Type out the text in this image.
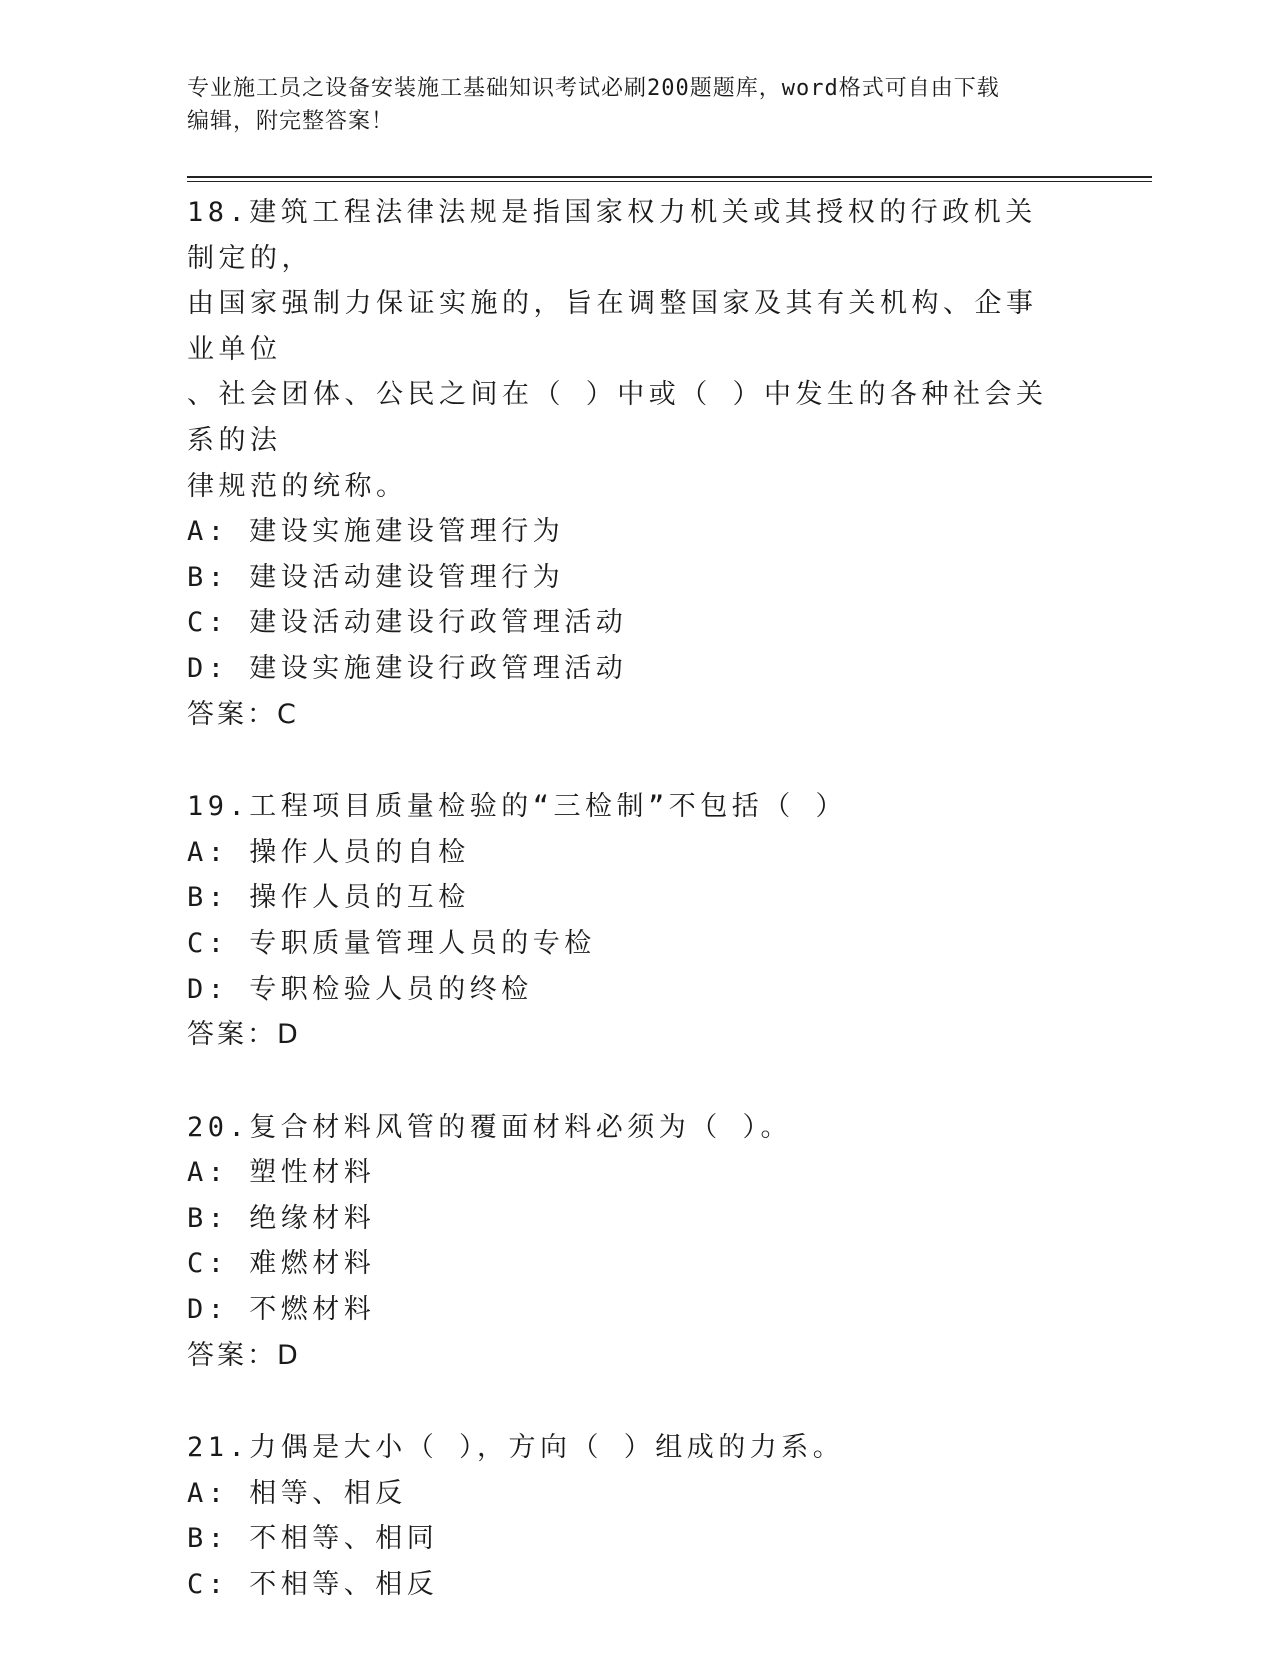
专业施工员之设备安装施工基础知识考试必刷200题题库，word格式可自由下载
编辑，附完整答案！
18.建筑工程法律法规是指国家权力机关或其授权的行政机关制定的，
由国家强制力保证实施的，旨在调整国家及其有关机构、企事业单位
、社会团体、公民之间在（ ）中或（ ）中发生的各种社会关系的法
律规范的统称。
A: 建设实施建设管理行为
B: 建设活动建设管理行为
C: 建设活动建设行政管理活动
D: 建设实施建设行政管理活动
答案：C
19.工程项目质量检验的“三检制”不包括（ ）
A: 操作人员的自检
B: 操作人员的互检
C: 专职质量管理人员的专检
D: 专职检验人员的终检
答案：D
20.复合材料风管的覆面材料必须为（ ）。
A: 塑性材料
B: 绝缘材料
C: 难燃材料
D: 不燃材料
答案：D
21.力偶是大小（ ），方向（ ）组成的力系。
A: 相等、相反
B: 不相等、相同
C: 不相等、相反
